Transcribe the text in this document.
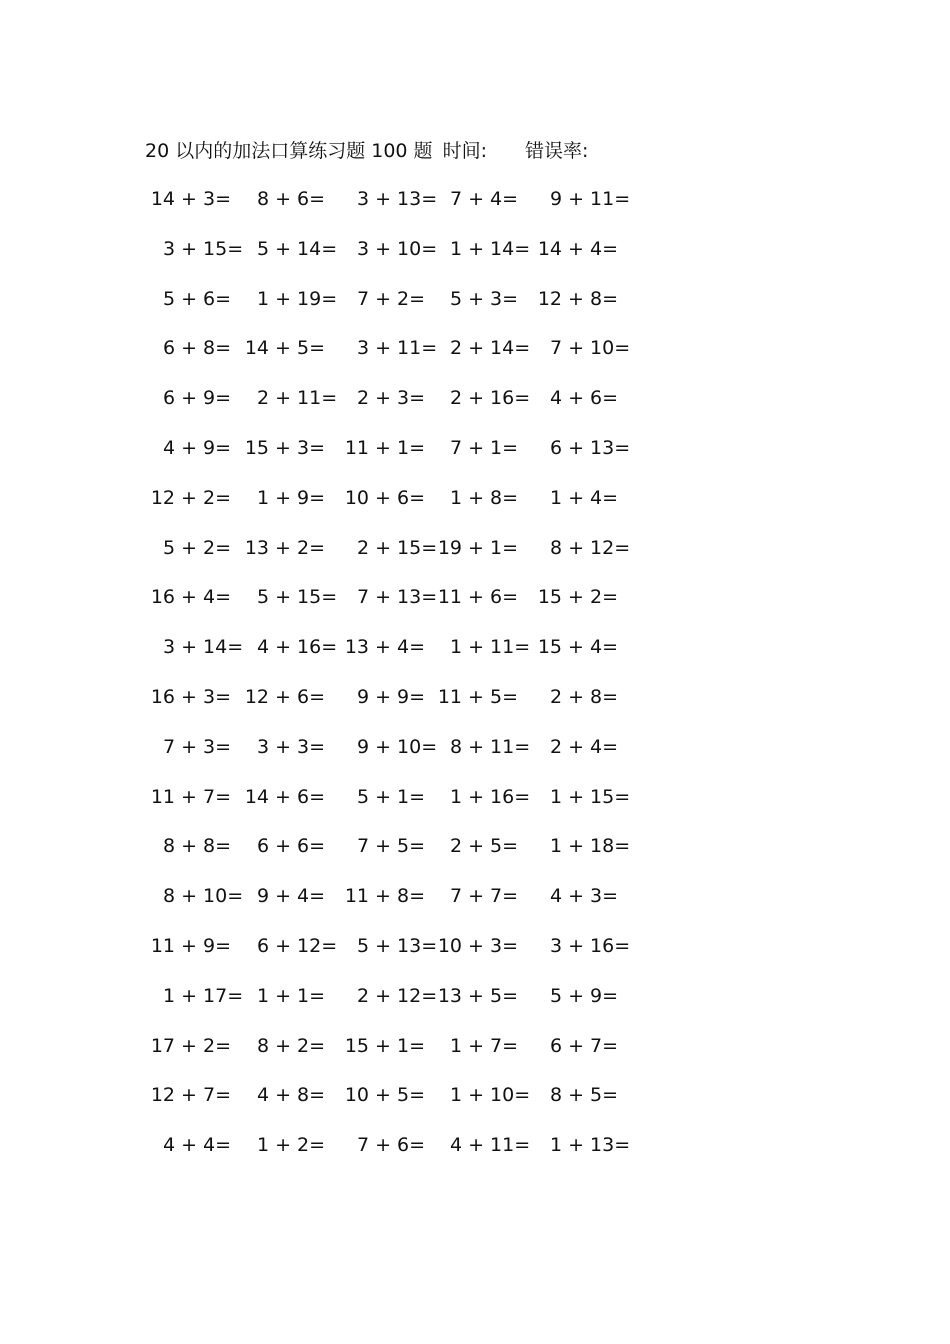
20 以内的加法口算练习题 100 题 时间: 错误率:
14 + 3= 8 + 6= 3 + 13= 7 + 4= 9 + 11=
3 + 15= 5 + 14= 3 + 10= 1 + 14= 14 + 4=
5 + 6= 1 + 19= 7 + 2= 5 + 3= 12 + 8=
6 + 8= 14 + 5= 3 + 11= 2 + 14= 7 + 10=
6 + 9= 2 + 11= 2 + 3= 2 + 16= 4 + 6=
4 + 9= 15 + 3= 11 + 1= 7 + 1= 6 + 13=
12 + 2= 1 + 9= 10 + 6= 1 + 8= 1 + 4=
5 + 2= 13 + 2= 2 + 15= 19 + 1= 8 + 12=
16 + 4= 5 + 15= 7 + 13= 11 + 6= 15 + 2=
3 + 14= 4 + 16= 13 + 4= 1 + 11= 15 + 4=
16 + 3= 12 + 6= 9 + 9= 11 + 5= 2 + 8=
7 + 3= 3 + 3= 9 + 10= 8 + 11= 2 + 4=
11 + 7= 14 + 6= 5 + 1= 1 + 16= 1 + 15=
8 + 8= 6 + 6= 7 + 5= 2 + 5= 1 + 18=
8 + 10= 9 + 4= 11 + 8= 7 + 7= 4 + 3=
11 + 9= 6 + 12= 5 + 13= 10 + 3= 3 + 16=
1 + 17= 1 + 1= 2 + 12= 13 + 5= 5 + 9=
17 + 2= 8 + 2= 15 + 1= 1 + 7= 6 + 7=
12 + 7= 4 + 8= 10 + 5= 1 + 10= 8 + 5=
4 + 4= 1 + 2= 7 + 6= 4 + 11= 1 + 13=
